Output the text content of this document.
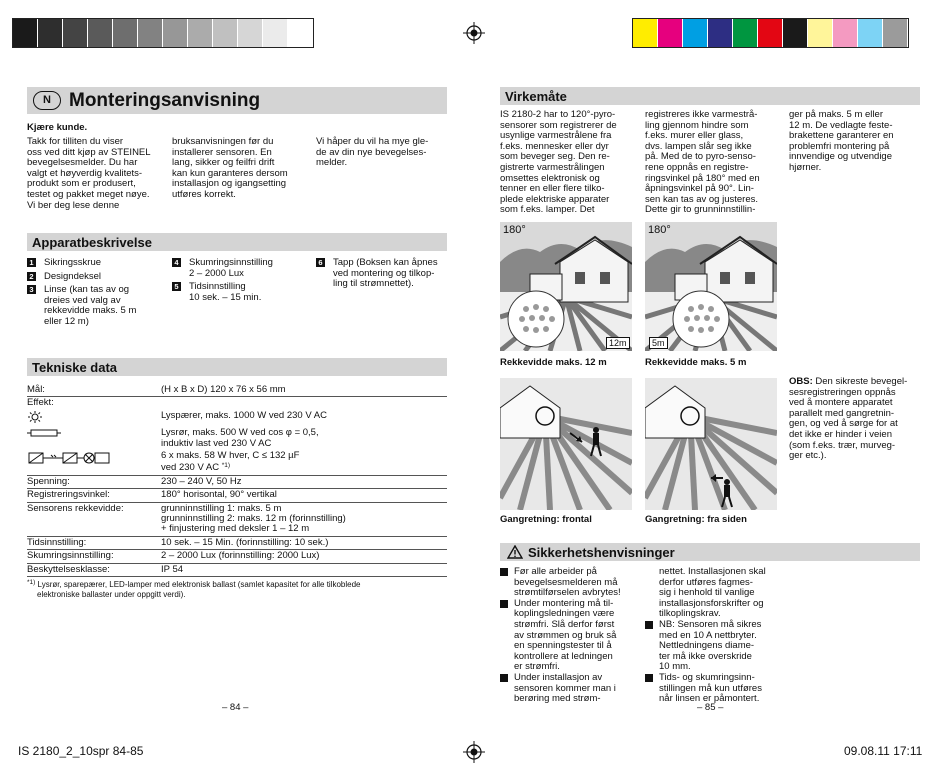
N Monteringsanvisning
Kjære kunde.
Takk for tilliten du viser
oss ved ditt kjøp av STEINEL
bevegelsesmelder. Du har
valgt et høyverdig kvalitets-
produkt som er produsert,
testet og pakket meget nøye.
Vi ber deg lese denne
bruksanvisningen før du
installerer sensoren. En
lang, sikker og feilfri drift
kan kun garanteres dersom
installasjon og igangsetting
utføres korrekt.
Vi håper du vil ha mye gle-
de av din nye bevegelses-
melder.
Apparatbeskrivelse
1 Sikringsskrue
2 Designdeksel
3 Linse (kan tas av og
dreies ved valg av
rekkevidde maks. 5 m
eller 12 m)
4 Skumringsinnstilling
2 – 2000 Lux
5 Tidsinnstilling
10 sek. – 15 min.
6 Tapp (Boksen kan åpnes
ved montering og tilkop-
ling til strømnettet).
Tekniske data
Mål:	(H x B x D) 120 x 76 x 56 mm

Effekt:	

Lyspærer, maks. 1000 W ved 230 V AC

Lysrør, maks. 500 W ved cos φ = 0,5,
induktiv last ved 230 V AC

6 x maks. 58 W hver, C ≤ 132 µF
ved 230 V AC $^{*1)}$

Spenning:	230 – 240 V, 50 Hz

Registreringsvinkel:	180° horisontal, 90° vertikal

Sensorens rekkevidde:	grunninnstilling 1: maks. 5 m
grunninnstilling 2: maks. 12 m (forinnstilling)
+ finjustering med deksler 1 – 12 m

Tidsinnstilling:	10 sek. – 15 Min. (forinnstilling: 10 sek.)

Skumringsinnstilling:	2 – 2000 Lux (forinnstilling: 2000 Lux)

Beskyttelsesklasse:	IP 54
$^{*1)}$ Lysrør, sparepærer, LED-lamper med elektronisk ballast (samlet kapasitet for alle tilkoblede
elektroniske ballaster under oppgitt verdi).
– 84 –
IS 2180_2_10spr 84-85
Virkemåte
IS 2180-2 har to 120°-pyro-
sensorer som registrerer de
usynlige varmestrålene fra
f.eks. mennesker eller dyr
som beveger seg. Den re-
gistrerte varmestrålingen
omsettes elektronisk og
tenner en eller flere tilko-
plede elektriske apparater
som f.eks. lamper. Det
registreres ikke varmestrå-
ling gjennom hindre som
f.eks. murer eller glass,
dvs. lampen slår seg ikke
på. Med de to pyro-senso-
rene oppnås en registre-
ringsvinkel på 180° med en
åpningsvinkel på 90°. Lin-
sen kan tas av og justeres.
Dette gir to grunninnstillin-
ger på maks. 5 m eller
12 m. De vedlagte feste-
brakettene garanterer en
problemfri montering på
innvendige og utvendige
hjørner.
180°
12m
Rekkevidde maks. 12 m
180°
5m
Rekkevidde maks. 5 m
Gangretning: frontal	Gangretning: fra siden
OBS: Den sikreste bevegel-
sesregistreringen oppnås
ved å montere apparatet
parallelt med gangretnin-
gen, og ved å sørge for at
det ikke er hinder i veien
(som f.eks. trær, murveg-
ger etc.).
Sikkerhetshenvisninger
Før alle arbeider på
bevegelsesmelderen må
strømtilførselen avbrytes!
Under montering må til-
koplingsledningen være
strømfri. Slå derfor først
av strømmen og bruk så
en spenningstester til å
kontrollere at ledningen
er strømfri.
Under installasjon av
sensoren kommer man i
berøring med strøm-
nettet. Installasjonen skal
derfor utføres fagmes-
sig i henhold til vanlige
installasjonsforskrifter og
tilkoplingskrav.
NB: Sensoren må sikres
med en 10 A nettbryter.
Nettledningens diame-
ter må ikke overskride
10 mm.
Tids- og skumringsinn-
stillingen må kun utføres
når linsen er påmontert.
– 85 –
09.08.11 17:11
